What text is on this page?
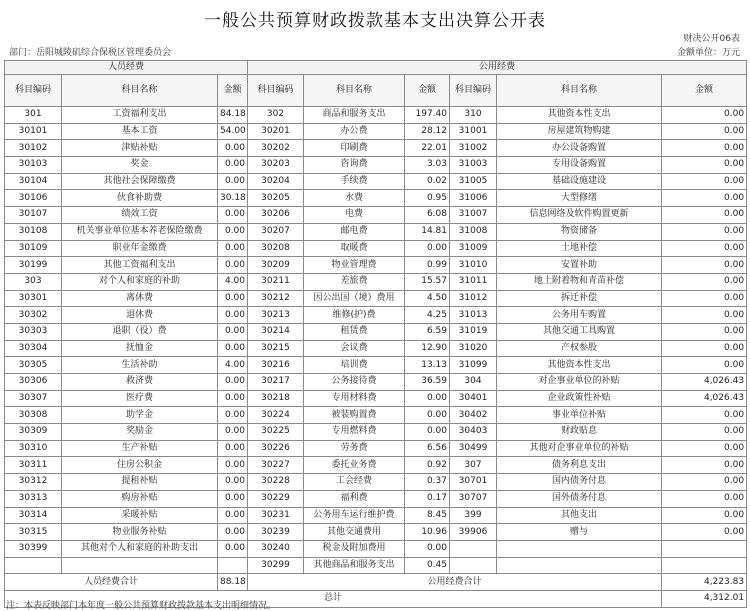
一般公共预算财政拨款基本支出决算公开表
财决公开06表
金额单位：万元
部门：岳阳城陵矶综合保税区管理委员会
人员经费			公用经费					
科目编码	科目名称	金额	科目编码	科目名称	金额	科目编码	科目名称	金额
301	工资福利支出	84.18	302	商品和服务支出	197.40	310	其他资本性支出	0.00
30101	基本工资	54.00	30201	办公费	28.12	31001	房屋建筑物购建	0.00
30102	津贴补贴	0.00	30202	印刷费	22.01	31002	办公设备购置	0.00
30103	奖金	0.00	30203	咨询费	3.03	31003	专用设备购置	0.00
30104	其他社会保障缴费	0.00	30204	手续费	0.02	31005	基础设施建设	0.00
30106	伙食补助费	30.18	30205	水费	0.95	31006	大型修缮	0.00
30107	绩效工资	0.00	30206	电费	6.08	31007	信息网络及软件购置更新	0.00
30108	机关事业单位基本养老保险缴费	0.00	30207	邮电费	14.81	31008	物资储备	0.00
30109	职业年金缴费	0.00	30208	取暖费	0.00	31009	土地补偿	0.00
30199	其他工资福利支出	0.00	30209	物业管理费	0.99	31010	安置补助	0.00
303	对个人和家庭的补助	4.00	30211	差旅费	15.57	31011	地上附着物和青苗补偿	0.00
30301	离休费	0.00	30212	因公出国（境）费用	4.50	31012	拆迁补偿	0.00
30302	退休费	0.00	30213	维修(护)费	4.25	31013	公务用车购置	0.00
30303	退职（役）费	0.00	30214	租赁费	6.59	31019	其他交通工具购置	0.00
30304	抚恤金	0.00	30215	会议费	12.90	31020	产权参股	0.00
30305	生活补助	4.00	30216	培训费	13.13	31099	其他资本性支出	0.00
30306	救济费	0.00	30217	公务接待费	36.59	304	对企事业单位的补贴	4,026.43
30307	医疗费	0.00	30218	专用材料费	0.00	30401	企业政策性补贴	4,026.43
30308	助学金	0.00	30224	被装购置费	0.00	30402	事业单位补贴	0.00
30309	奖励金	0.00	30225	专用燃料费	0.00	30403	财政贴息	0.00
30310	生产补贴	0.00	30226	劳务费	6.56	30499	其他对企事业单位的补贴	0.00
30311	住房公积金	0.00	30227	委托业务费	0.92	307	债务利息支出	0.00
30312	提租补贴	0.00	30228	工会经费	0.37	30701	国内债务付息	0.00
30313	购房补贴	0.00	30229	福利费	0.17	30707	国外债务付息	0.00
30314	采暖补贴	0.00	30231	公务用车运行维护费	8.45	399	其他支出	0.00
30315	物业服务补贴	0.00	30239	其他交通费用	10.96	39906	赠与	0.00
30399	其他对个人和家庭的补助支出	0.00	30240	税金及附加费用	0.00			
			30299	其他商品和服务支出	0.45			
人员经费合计		88.18	公用经费合计					4,223.83
总计								4,312.01
注：本表反映部门本年度一般公共预算财政拨款基本支出明细情况。
